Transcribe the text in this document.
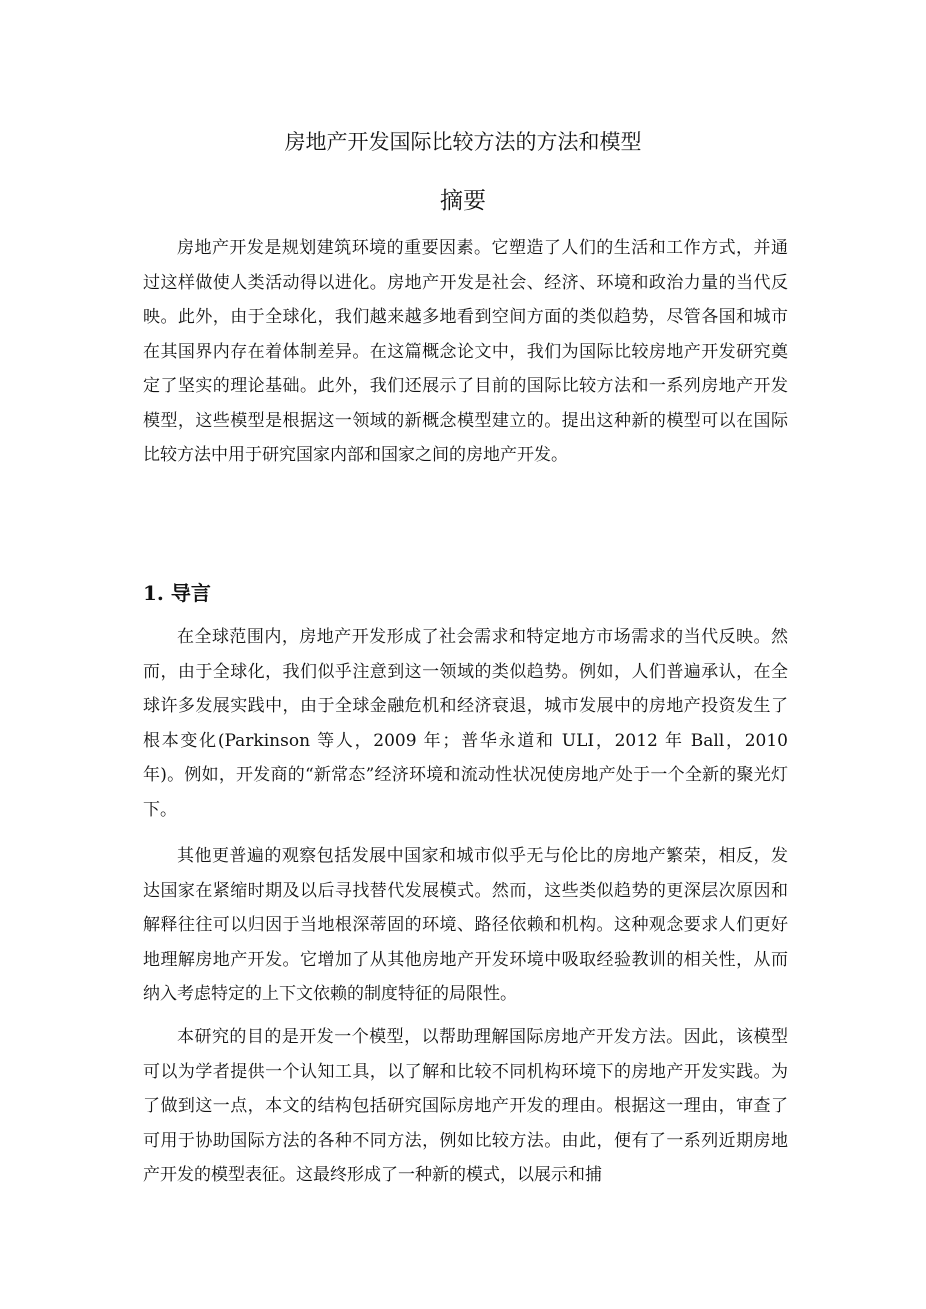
房地产开发国际比较方法的方法和模型
摘要

房地产开发是规划建筑环境的重要因素。它塑造了人们的生活和工作方式，并通过这样做使人类活动得以进化。房地产开发是社会、经济、环境和政治力量的当代反映。此外，由于全球化，我们越来越多地看到空间方面的类似趋势，尽管各国和城市在其国界内存在着体制差异。在这篇概念论文中，我们为国际比较房地产开发研究奠定了坚实的理论基础。此外，我们还展示了目前的国际比较方法和一系列房地产开发模型，这些模型是根据这一领域的新概念模型建立的。提出这种新的模型可以在国际比较方法中用于研究国家内部和国家之间的房地产开发。

1. 导言

在全球范围内，房地产开发形成了社会需求和特定地方市场需求的当代反映。然而，由于全球化，我们似乎注意到这一领域的类似趋势。例如，人们普遍承认，在全球许多发展实践中，由于全球金融危机和经济衰退，城市发展中的房地产投资发生了根本变化(Parkinson 等人，2009 年；普华永道和 ULI，2012 年 Ball，2010 年)。例如，开发商的“新常态”经济环境和流动性状况使房地产处于一个全新的聚光灯下。

其他更普遍的观察包括发展中国家和城市似乎无与伦比的房地产繁荣，相反，发达国家在紧缩时期及以后寻找替代发展模式。然而，这些类似趋势的更深层次原因和解释往往可以归因于当地根深蒂固的环境、路径依赖和机构。这种观念要求人们更好地理解房地产开发。它增加了从其他房地产开发环境中吸取经验教训的相关性，从而纳入考虑特定的上下文依赖的制度特征的局限性。

本研究的目的是开发一个模型，以帮助理解国际房地产开发方法。因此，该模型可以为学者提供一个认知工具，以了解和比较不同机构环境下的房地产开发实践。为了做到这一点，本文的结构包括研究国际房地产开发的理由。根据这一理由，审查了可用于协助国际方法的各种不同方法，例如比较方法。由此，便有了一系列近期房地产开发的模型表征。这最终形成了一种新的模式，以展示和捕
